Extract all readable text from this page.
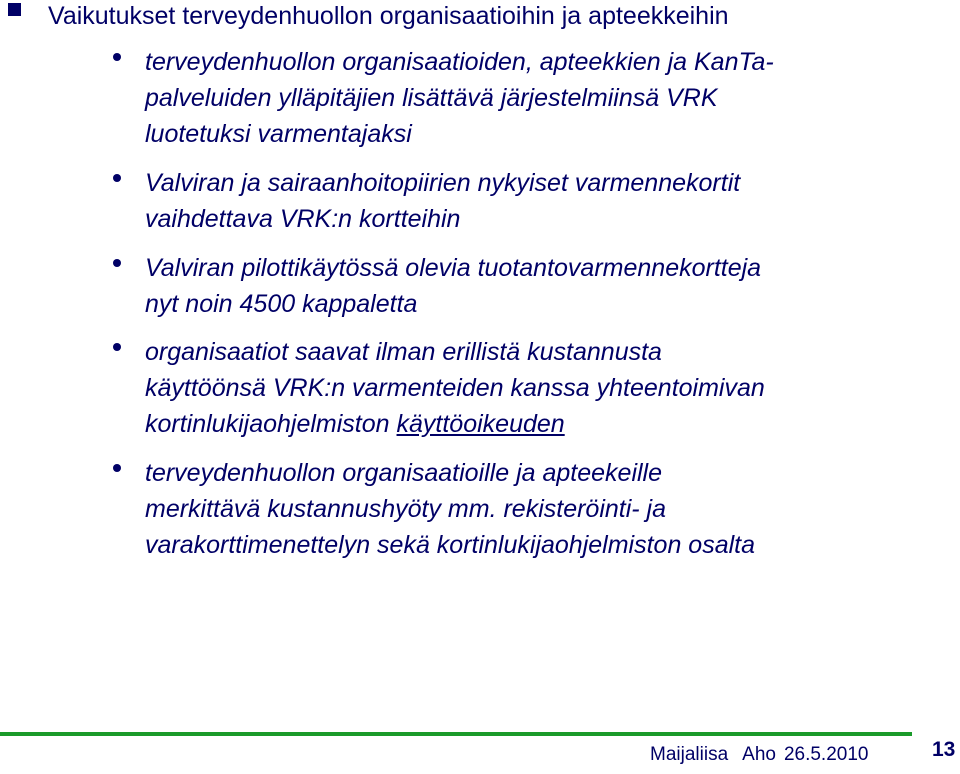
Vaikutukset terveydenhuollon organisaatioihin ja apteekkeihin
terveydenhuollon organisaatioiden, apteekkien ja KanTa-
palveluiden ylläpitäjien lisättävä järjestelmiinsä VRK
luotetuksi varmentajaksi
Valviran ja sairaanhoitopiirien nykyiset varmennekortit
vaihdettava VRK:n kortteihin
Valviran pilottikäytössä olevia tuotantovarmennekortteja
nyt noin 4500 kappaletta
organisaatiot saavat ilman erillistä kustannusta
käyttöönsä VRK:n varmenteiden kanssa yhteentoimivan
kortinlukijaohjelmiston käyttöoikeuden
terveydenhuollon organisaatioille ja apteekeille
merkittävä kustannushyöty mm. rekisteröinti- ja
varakorttimenettelyn sekä kortinlukijaohjelmiston osalta
Maijaliisa Aho 26.5.2010	13
